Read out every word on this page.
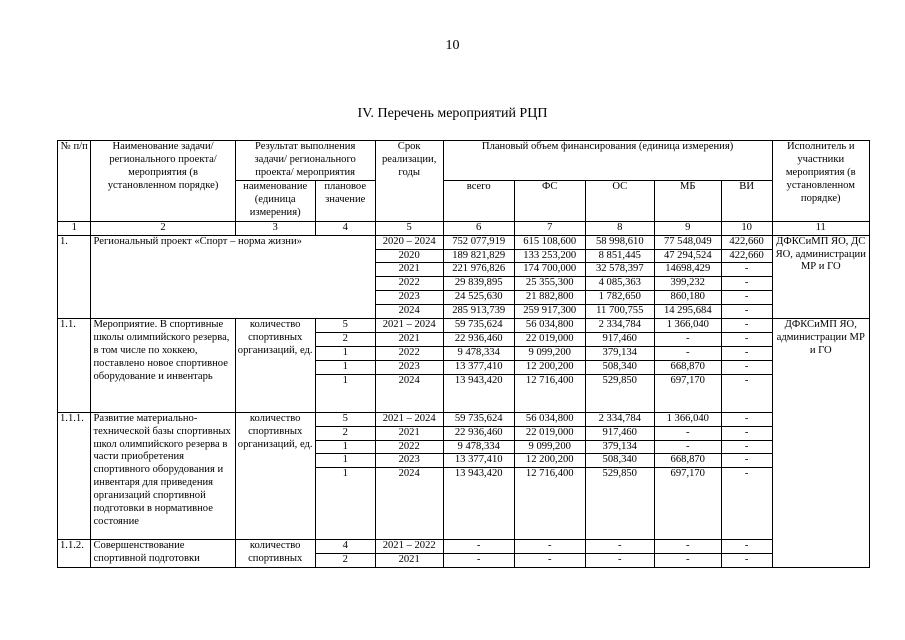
10
IV. Перечень мероприятий РЦП
№ п/п	Наименование задачи/ регионального проекта/ мероприятия (в установленном порядке)	Результат выполнения задачи/ регионального проекта/ мероприятия		Срок реализации, годы	Плановый объем финансирования (единица измерения)					Исполнитель и участники мероприятия (в установленном порядке)
		наименование (единица измерения)	плановое значение		всего	ФС	ОС	МБ	ВИ	
1	2	3	4	5	6	7	8	9	10	11
1.	Региональный проект «Спорт – норма жизни»			2020 – 2024	752 077,919	615 108,600	58 998,610	77 548,049	422,660	ДФКСиМП ЯО, ДС ЯО, администрации МР и ГО
				2020	189 821,829	133 253,200	8 851,445	47 294,524	422,660	
				2021	221 976,826	174 700,000	32 578,397	14698,429	-	
				2022	29 839,895	25 355,300	4 085,363	399,232	-	
				2023	24 525,630	21 882,800	1 782,650	860,180	-	
				2024	285 913,739	259 917,300	11 700,755	14 295,684	-	
1.1.	Мероприятие. В спортивные школы олимпийского резерва, в том числе по хоккею, поставлено новое спортивное оборудование и инвентарь	количество спортивных организаций, ед.	5	2021 – 2024	59 735,624	56 034,800	2 334,784	1 366,040	-	ДФКСиМП ЯО, администрации МР и ГО
			2	2021	22 936,460	22 019,000	917,460	-	-	
			1	2022	9 478,334	9 099,200	379,134	-	-	
			1	2023	13 377,410	12 200,200	508,340	668,870	-	
			1	2024	13 943,420	12 716,400	529,850	697,170	-	
1.1.1.	Развитие материально-технической базы спортивных школ олимпийского резерва в части приобретения спортивного оборудования и инвентаря для приведения организаций спортивной подготовки в нормативное состояние	количество спортивных организаций, ед.	5	2021 – 2024	59 735,624	56 034,800	2 334,784	1 366,040	-	
			2	2021	22 936,460	22 019,000	917,460	-	-	
			1	2022	9 478,334	9 099,200	379,134	-	-	
			1	2023	13 377,410	12 200,200	508,340	668,870	-	
			1	2024	13 943,420	12 716,400	529,850	697,170	-	
1.1.2.	Совершенствование спортивной подготовки	количество спортивных	4	2021 – 2022	-	-	-	-	-	
			2	2021	-	-	-	-	-	
